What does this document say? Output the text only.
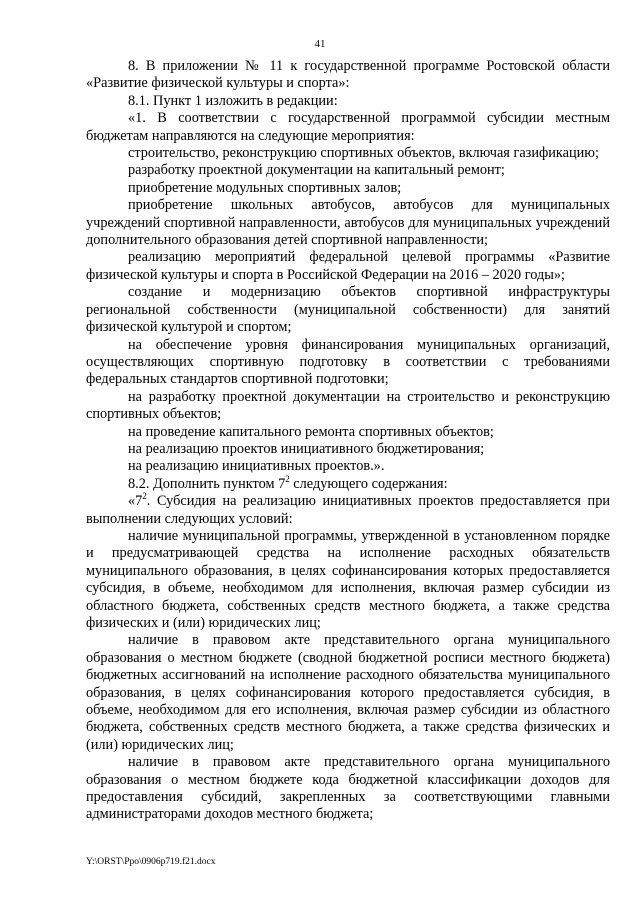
41

8. В приложении № 11 к государственной программе Ростовской области «Развитие физической культуры и спорта»:

8.1. Пункт 1 изложить в редакции:

«1. В соответствии с государственной программой субсидии местным бюджетам направляются на следующие мероприятия:

строительство, реконструкцию спортивных объектов, включая газификацию;

разработку проектной документации на капитальный ремонт;

приобретение модульных спортивных залов;

приобретение школьных автобусов, автобусов для муниципальных учреждений спортивной направленности, автобусов для муниципальных учреждений дополнительного образования детей спортивной направленности;

реализацию мероприятий федеральной целевой программы «Развитие физической культуры и спорта в Российской Федерации на 2016 – 2020 годы»;

создание и модернизацию объектов спортивной инфраструктуры региональной собственности (муниципальной собственности) для занятий физической культурой и спортом;

на обеспечение уровня финансирования муниципальных организаций, осуществляющих спортивную подготовку в соответствии с требованиями федеральных стандартов спортивной подготовки;

на разработку проектной документации на строительство и реконструкцию спортивных объектов;

на проведение капитального ремонта спортивных объектов;

на реализацию проектов инициативного бюджетирования;

на реализацию инициативных проектов.».

8.2. Дополнить пунктом $7^2$ следующего содержания:

«$7^2$. Субсидия на реализацию инициативных проектов предоставляется при выполнении следующих условий:

наличие муниципальной программы, утвержденной в установленном порядке и предусматривающей средства на исполнение расходных обязательств муниципального образования, в целях софинансирования которых предоставляется субсидия, в объеме, необходимом для исполнения, включая размер субсидии из областного бюджета, собственных средств местного бюджета, а также средства физических и (или) юридических лиц;

наличие в правовом акте представительного органа муниципального образования о местном бюджете (сводной бюджетной росписи местного бюджета) бюджетных ассигнований на исполнение расходного обязательства муниципального образования, в целях софинансирования которого предоставляется субсидия, в объеме, необходимом для его исполнения, включая размер субсидии из областного бюджета, собственных средств местного бюджета, а также средства физических и (или) юридических лиц;

наличие в правовом акте представительного органа муниципального образования о местном бюджете кода бюджетной классификации доходов для предоставления субсидий, закрепленных за соответствующими главными администраторами доходов местного бюджета;

Y:\ORST\Ppo\0906p719.f21.docx
